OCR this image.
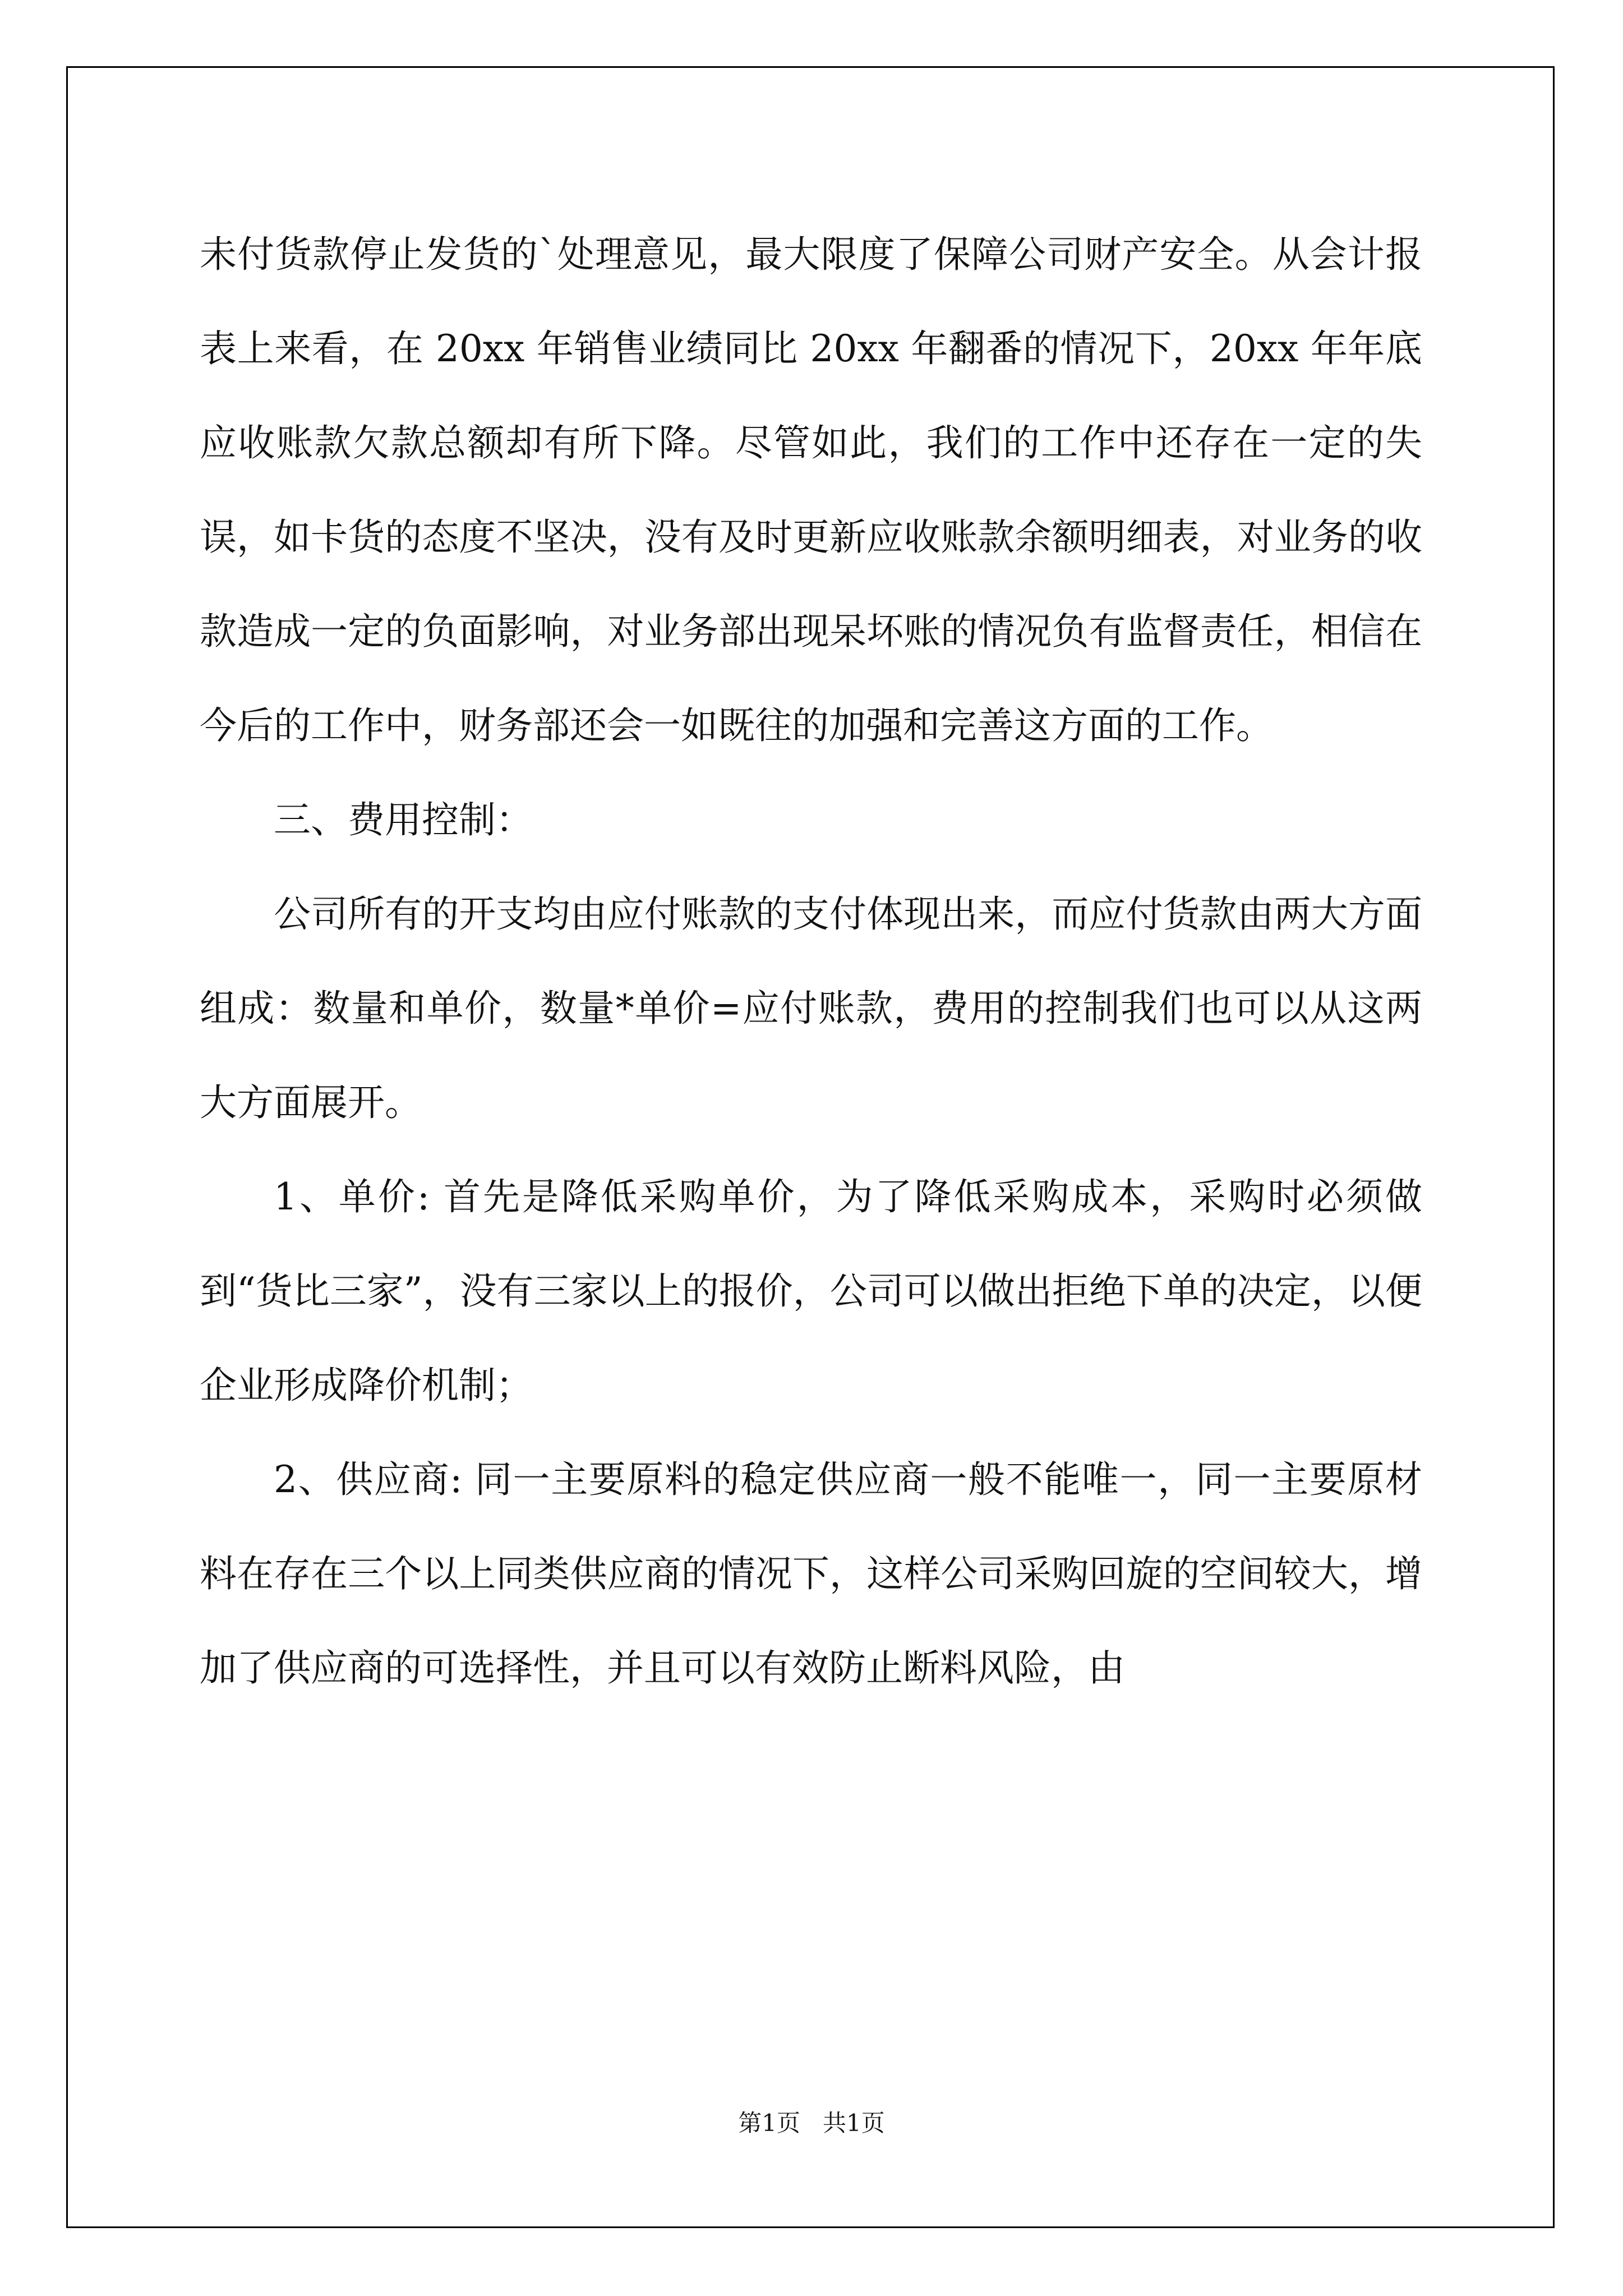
未付货款停止发货的`处理意见，最大限度了保障公司财产安全。从会计报表上来看，在 20xx 年销售业绩同比 20xx 年翻番的情况下，20xx 年年底应收账款欠款总额却有所下降。尽管如此，我们的工作中还存在一定的失误，如卡货的态度不坚决，没有及时更新应收账款余额明细表，对业务的收款造成一定的负面影响，对业务部出现呆坏账的情况负有监督责任，相信在今后的工作中，财务部还会一如既往的加强和完善这方面的工作。

三、费用控制：

公司所有的开支均由应付账款的支付体现出来，而应付货款由两大方面组成：数量和单价，数量*单价=应付账款，费用的控制我们也可以从这两大方面展开。

1、单价: 首先是降低采购单价，为了降低采购成本，采购时必须做到“货比三家”，没有三家以上的报价，公司可以做出拒绝下单的决定，以便企业形成降价机制；

2、供应商: 同一主要原料的稳定供应商一般不能唯一，同一主要原材料在存在三个以上同类供应商的情况下，这样公司采购回旋的空间较大，增加了供应商的可选择性，并且可以有效防止断料风险，由

第1页 共1页
